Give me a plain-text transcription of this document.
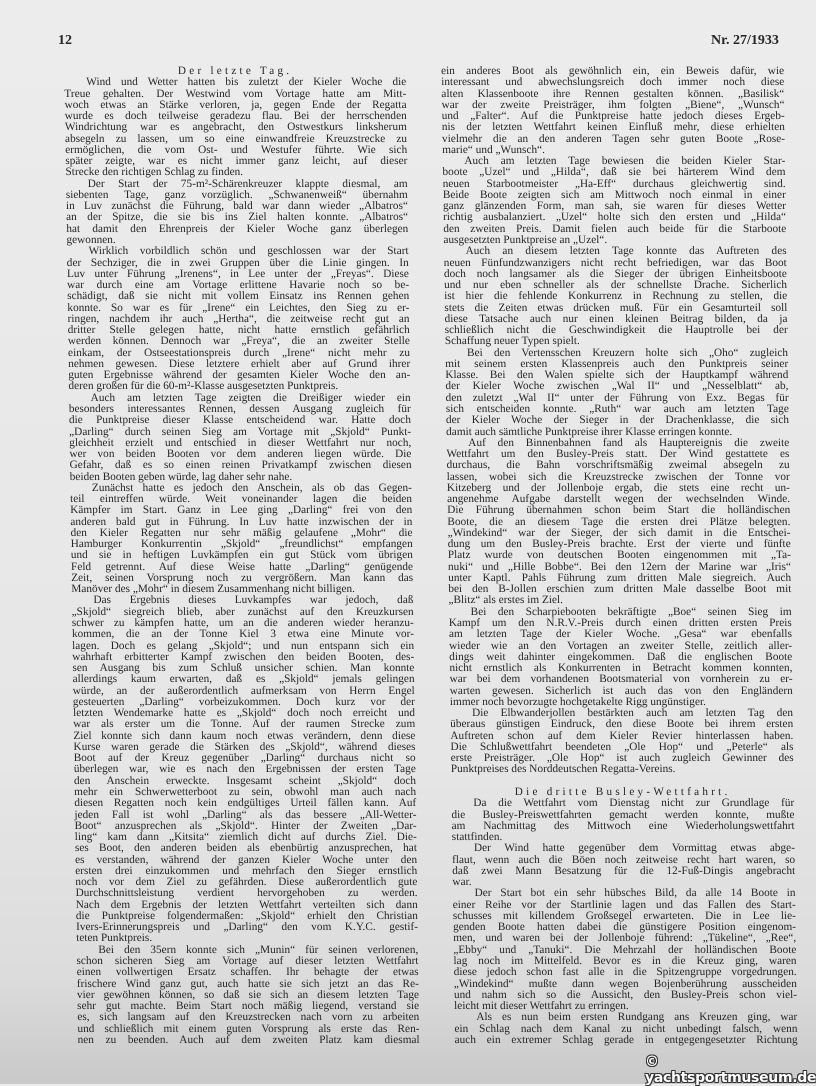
12	Nr. 27/1933
Der letzte Tag.
Wind und Wetter hatten bis zuletzt der Kieler Woche die
Treue gehalten. Der Westwind vom Vortage hatte am Mitt-
woch etwas an Stärke verloren, ja, gegen Ende der Regatta
wurde es doch teilweise geradezu flau. Bei der herrschenden
Windrichtung war es angebracht, den Ostwestkurs linksherum
absegeln zu lassen, um so eine einwandfreie Kreuzstrecke zu
ermöglichen, die vom Ost- und Westufer führte. Wie sich
später zeigte, war es nicht immer ganz leicht, auf dieser
Strecke den richtigen Schlag zu finden.
Der Start der 75-m²-Schärenkreuzer klappte diesmal, am
siebenten Tage, ganz vorzüglich. „Schwanenweiß“ übernahm
in Luv zunächst die Führung, bald war dann wieder „Albatros“
an der Spitze, die sie bis ins Ziel halten konnte. „Albatros“
hat damit den Ehrenpreis der Kieler Woche ganz überlegen
gewonnen.
Wirklich vorbildlich schön und geschlossen war der Start
der Sechziger, die in zwei Gruppen über die Linie gingen. In
Luv unter Führung „Irenens“, in Lee unter der „Freyas“. Diese
war durch eine am Vortage erlittene Havarie noch so be-
schädigt, daß sie nicht mit vollem Einsatz ins Rennen gehen
konnte. So war es für „Irene“ ein Leichtes, den Sieg zu er-
ringen, nachdem ihr auch „Hertha“, die zeitweise recht gut an
dritter Stelle gelegen hatte, nicht hatte ernstlich gefährlich
werden können. Dennoch war „Freya“, die an zweiter Stelle
einkam, der Ostseestationspreis durch „Irene“ nicht mehr zu
nehmen gewesen. Diese letztere erhielt aber auf Grund ihrer
guten Ergebnisse während der gesamten Kieler Woche den an-
deren großen für die 60-m²-Klasse ausgesetzten Punktpreis.
Auch am letzten Tage zeigten die Dreißiger wieder ein
besonders interessantes Rennen, dessen Ausgang zugleich für
die Punktpreise dieser Klasse entscheidend war. Hatte doch
„Darling“ durch seinen Sieg am Vortage mit „Skjold“ Punkt-
gleichheit erzielt und entschied in dieser Wettfahrt nur noch,
wer von beiden Booten vor dem anderen liegen würde. Die
Gefahr, daß es so einen reinen Privatkampf zwischen diesen
beiden Booten geben würde, lag daher sehr nahe.
Zunächst hatte es jedoch den Anschein, als ob das Gegen-
teil eintreffen würde. Weit voneinander lagen die beiden
Kämpfer im Start. Ganz in Lee ging „Darling“ frei von den
anderen bald gut in Führung. In Luv hatte inzwischen der in
den Kieler Regatten nur sehr mäßig gelaufene „Mohr“ die
Hamburger Konkurrentin „Skjold“ „freundlichst“ empfangen
und sie in heftigen Luvkämpfen ein gut Stück vom übrigen
Feld getrennt. Auf diese Weise hatte „Darling“ genügende
Zeit, seinen Vorsprung noch zu vergrößern. Man kann das
Manöver des „Mohr“ in diesem Zusammenhang nicht billigen.
Das Ergebnis dieses Luvkampfes war jedoch, daß
„Skjold“ siegreich blieb, aber zunächst auf den Kreuzkursen
schwer zu kämpfen hatte, um an die anderen wieder heranzu-
kommen, die an der Tonne Kiel 3 etwa eine Minute vor-
lagen. Doch es gelang „Skjold“; und nun entspann sich ein
wahrhaft erbitterter Kampf zwischen den beiden Booten, des-
sen Ausgang bis zum Schluß unsicher schien. Man konnte
allerdings kaum erwarten, daß es „Skjold“ jemals gelingen
würde, an der außerordentlich aufmerksam von Herrn Engel
gesteuerten „Darling“ vorbeizukommen. Doch kurz vor der
letzten Wendemarke hatte es „Skjold“ doch noch erreicht und
war als erster um die Tonne. Auf der raumen Strecke zum
Ziel konnte sich dann kaum noch etwas verändern, denn diese
Kurse waren gerade die Stärken des „Skjold“, während dieses
Boot auf der Kreuz gegenüber „Darling“ durchaus nicht so
überlegen war, wie es nach den Ergebnissen der ersten Tage
den Anschein erweckte. Insgesamt scheint „Skjold“ doch
mehr ein Schwerwetterboot zu sein, obwohl man auch nach
diesen Regatten noch kein endgültiges Urteil fällen kann. Auf
jeden Fall ist wohl „Darling“ als das bessere „All-Wetter-
Boot“ anzusprechen als „Skjold“. Hinter der Zweiten „Dar-
ling“ kam dann „Kitsita“ ziemlich dicht auf durchs Ziel. Die-
ses Boot, den anderen beiden als ebenbürtig anzusprechen, hat
es verstanden, während der ganzen Kieler Woche unter den
ersten drei einzukommen und mehrfach den Sieger ernstlich
noch vor dem Ziel zu gefährden. Diese außerordentlich gute
Durchschnittsleistung verdient hervorgehoben zu werden.
Nach dem Ergebnis der letzten Wettfahrt verteilten sich dann
die Punktpreise folgendermaßen: „Skjold“ erhielt den Christian
Ivers-Erinnerungspreis und „Darling“ den vom K.Y.C. gestif-
teten Punktpreis.
Bei den 35ern konnte sich „Munin“ für seinen verlorenen,
schon sicheren Sieg am Vortage auf dieser letzten Wettfahrt
einen vollwertigen Ersatz schaffen. Ihr behagte der etwas
frischere Wind ganz gut, auch hatte sie sich jetzt an das Re-
vier gewöhnen können, so daß sie sich an diesem letzten Tage
sehr gut machte. Beim Start noch mäßig liegend, verstand sie
es, sich langsam auf den Kreuzstrecken nach vorn zu arbeiten
und schließlich mit einem guten Vorsprung als erste das Ren-
nen zu beenden. Auch auf dem zweiten Platz kam diesmal
ein anderes Boot als gewöhnlich ein, ein Beweis dafür, wie
interessant und abwechslungsreich doch immer noch diese
alten Klassenboote ihre Rennen gestalten können. „Basilisk“
war der zweite Preisträger, ihm folgten „Biene“, „Wunsch“
und „Falter“. Auf die Punktpreise hatte jedoch dieses Ergeb-
nis der letzten Wettfahrt keinen Einfluß mehr, diese erhielten
vielmehr die an den anderen Tagen sehr guten Boote „Rose-
marie“ und „Wunsch“.
Auch am letzten Tage bewiesen die beiden Kieler Star-
boote „Uzel“ und „Hilda“, daß sie bei härterem Wind dem
neuen Starbootmeister „Ha-Eff“ durchaus gleichwertig sind.
Beide Boote zeigten sich am Mittwoch noch einmal in einer
ganz glänzenden Form, man sah, sie waren für dieses Wetter
richtig ausbalanziert. „Uzel“ holte sich den ersten und „Hilda“
den zweiten Preis. Damit fielen auch beide für die Starboote
ausgesetzten Punktpreise an „Uzel“.
Auch an diesem letzten Tage konnte das Auftreten des
neuen Fünfundzwanzigers nicht recht befriedigen, war das Boot
doch noch langsamer als die Sieger der übrigen Einheitsboote
und nur eben schneller als der schnellste Drache. Sicherlich
ist hier die fehlende Konkurrenz in Rechnung zu stellen, die
stets die Zeiten etwas drücken muß. Für ein Gesamturteil soll
diese Tatsache auch nur einen kleinen Beitrag bilden, da ja
schließlich nicht die Geschwindigkeit die Hauptrolle bei der
Schaffung neuer Typen spielt.
Bei den Vertensschen Kreuzern holte sich „Oho“ zugleich
mit seinem ersten Klassenpreis auch den Punktpreis seiner
Klasse. Bei den Walen spielte sich der Hauptkampf während
der Kieler Woche zwischen „Wal II“ und „Nesselblatt“ ab,
den zuletzt „Wal II“ unter der Führung von Exz. Begas für
sich entscheiden konnte. „Ruth“ war auch am letzten Tage
der Kieler Woche der Sieger in der Drachenklasse, die sich
damit auch sämtliche Punktpreise ihrer Klasse erringen konnte.
Auf den Binnenbahnen fand als Hauptereignis die zweite
Wettfahrt um den Busley-Preis statt. Der Wind gestattete es
durchaus, die Bahn vorschriftsmäßig zweimal absegeln zu
lassen, wobei sich die Kreuzstrecke zwischen der Tonne vor
Kitzeberg und der Jollenboje ergab, die stets eine recht un-
angenehme Aufgabe darstellt wegen der wechselnden Winde.
Die Führung übernahmen schon beim Start die holländischen
Boote, die an diesem Tage die ersten drei Plätze belegten.
„Windekind“ war der Sieger, der sich damit in die Entschei-
dung um den Busley-Preis brachte. Erst der vierte und fünfte
Platz wurde von deutschen Booten eingenommen mit „Ta-
nuki“ und „Hille Bobbe“. Bei den 12ern der Marine war „Iris“
unter Kaptl. Pahls Führung zum dritten Male siegreich. Auch
bei den B-Jollen erschien zum dritten Male dasselbe Boot mit
„Blitz“ als erstes im Ziel.
Bei den Scharpiebooten bekräftigte „Boe“ seinen Sieg im
Kampf um den N.R.V.-Preis durch einen dritten ersten Preis
am letzten Tage der Kieler Woche. „Gesa“ war ebenfalls
wieder wie an den Vortagen an zweiter Stelle, zeitlich aller-
dings weit dahinter eingekommen. Daß die englischen Boote
nicht ernstlich als Konkurrenten in Betracht kommen konnten,
war bei dem vorhandenen Bootsmaterial von vornherein zu er-
warten gewesen. Sicherlich ist auch das von den Engländern
immer noch bevorzugte hochgetakelte Rigg ungünstiger.
Die Elbwanderjollen bestärkten auch am letzten Tag den
überaus günstigen Eindruck, den diese Boote bei ihrem ersten
Auftreten schon auf dem Kieler Revier hinterlassen haben.
Die Schlußwettfahrt beendeten „Ole Hop“ und „Peterle“ als
erste Preisträger. „Ole Hop“ ist auch zugleich Gewinner des
Punktpreises des Norddeutschen Regatta-Vereins.
Die dritte Busley-Wettfahrt.
Da die Wettfahrt vom Dienstag nicht zur Grundlage für
die Busley-Preiswettfahrten gemacht werden konnte, mußte
am Nachmittag des Mittwoch eine Wiederholungswettfahrt
stattfinden.
Der Wind hatte gegenüber dem Vormittag etwas abge-
flaut, wenn auch die Böen noch zeitweise recht hart waren, so
daß zwei Mann Besatzung für die 12-Fuß-Dingis angebracht
war.
Der Start bot ein sehr hübsches Bild, da alle 14 Boote in
einer Reihe vor der Startlinie lagen und das Fallen des Start-
schusses mit killendem Großsegel erwarteten. Die in Lee lie-
genden Boote hatten dabei die günstigere Position eingenom-
men, und waren bei der Jollenboje führend: „Tükeline“, „Ree“,
„Ebby“ und „Tanuki“. Die Mehrzahl der holländischen Boote
lag noch im Mittelfeld. Bevor es in die Kreuz ging, waren
diese jedoch schon fast alle in die Spitzengruppe vorgedrungen.
„Windekind“ mußte dann wegen Bojenberührung ausscheiden
und nahm sich so die Aussicht, den Busley-Preis schon viel-
leicht mit dieser Wettfahrt zu erringen.
Als es nun beim ersten Rundgang ans Kreuzen ging, war
ein Schlag nach dem Kanal zu nicht unbedingt falsch, wenn
auch ein extremer Schlag gerade in entgegengesetzter Richtung
© yachtsportmuseum.de
